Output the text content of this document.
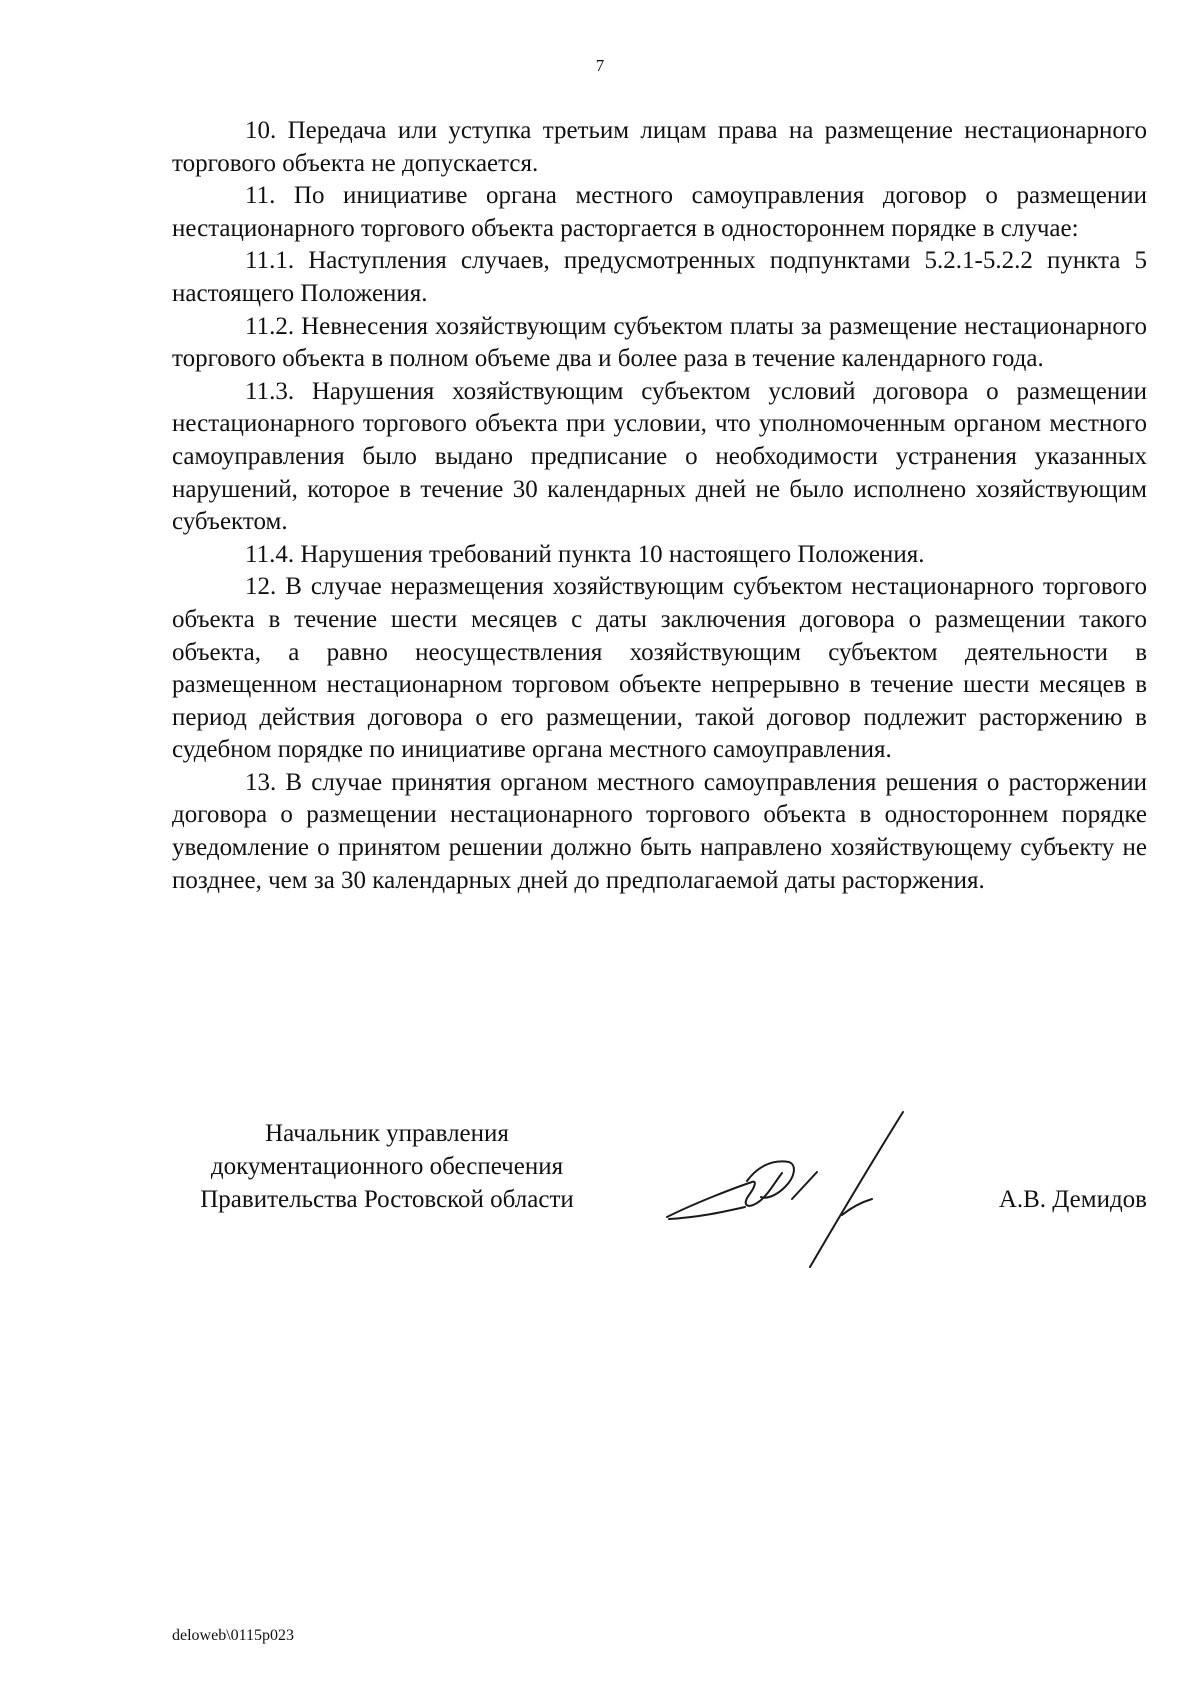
7

10. Передача или уступка третьим лицам права на размещение нестационарного торгового объекта не допускается.

11. По инициативе органа местного самоуправления договор о размещении нестационарного торгового объекта расторгается в одностороннем порядке в случае:

11.1. Наступления случаев, предусмотренных подпунктами 5.2.1-5.2.2 пункта 5 настоящего Положения.

11.2. Невнесения хозяйствующим субъектом платы за размещение нестационарного торгового объекта в полном объеме два и более раза в течение календарного года.

11.3. Нарушения хозяйствующим субъектом условий договора о размещении нестационарного торгового объекта при условии, что уполномоченным органом местного самоуправления было выдано предписание о необходимости устранения указанных нарушений, которое в течение 30 календарных дней не было исполнено хозяйствующим субъектом.

11.4. Нарушения требований пункта 10 настоящего Положения.

12. В случае неразмещения хозяйствующим субъектом нестационарного торгового объекта в течение шести месяцев с даты заключения договора о размещении такого объекта, а равно неосуществления хозяйствующим субъектом деятельности в размещенном нестационарном торговом объекте непрерывно в течение шести месяцев в период действия договора о его размещении, такой договор подлежит расторжению в судебном порядке по инициативе органа местного самоуправления.

13. В случае принятия органом местного самоуправления решения о расторжении договора о размещении нестационарного торгового объекта в одностороннем порядке уведомление о принятом решении должно быть направлено хозяйствующему субъекту не позднее, чем за 30 календарных дней до предполагаемой даты расторжения.

Начальник управления
документационного обеспечения
Правительства Ростовской области	А.В. Демидов
deloweb\0115p023
